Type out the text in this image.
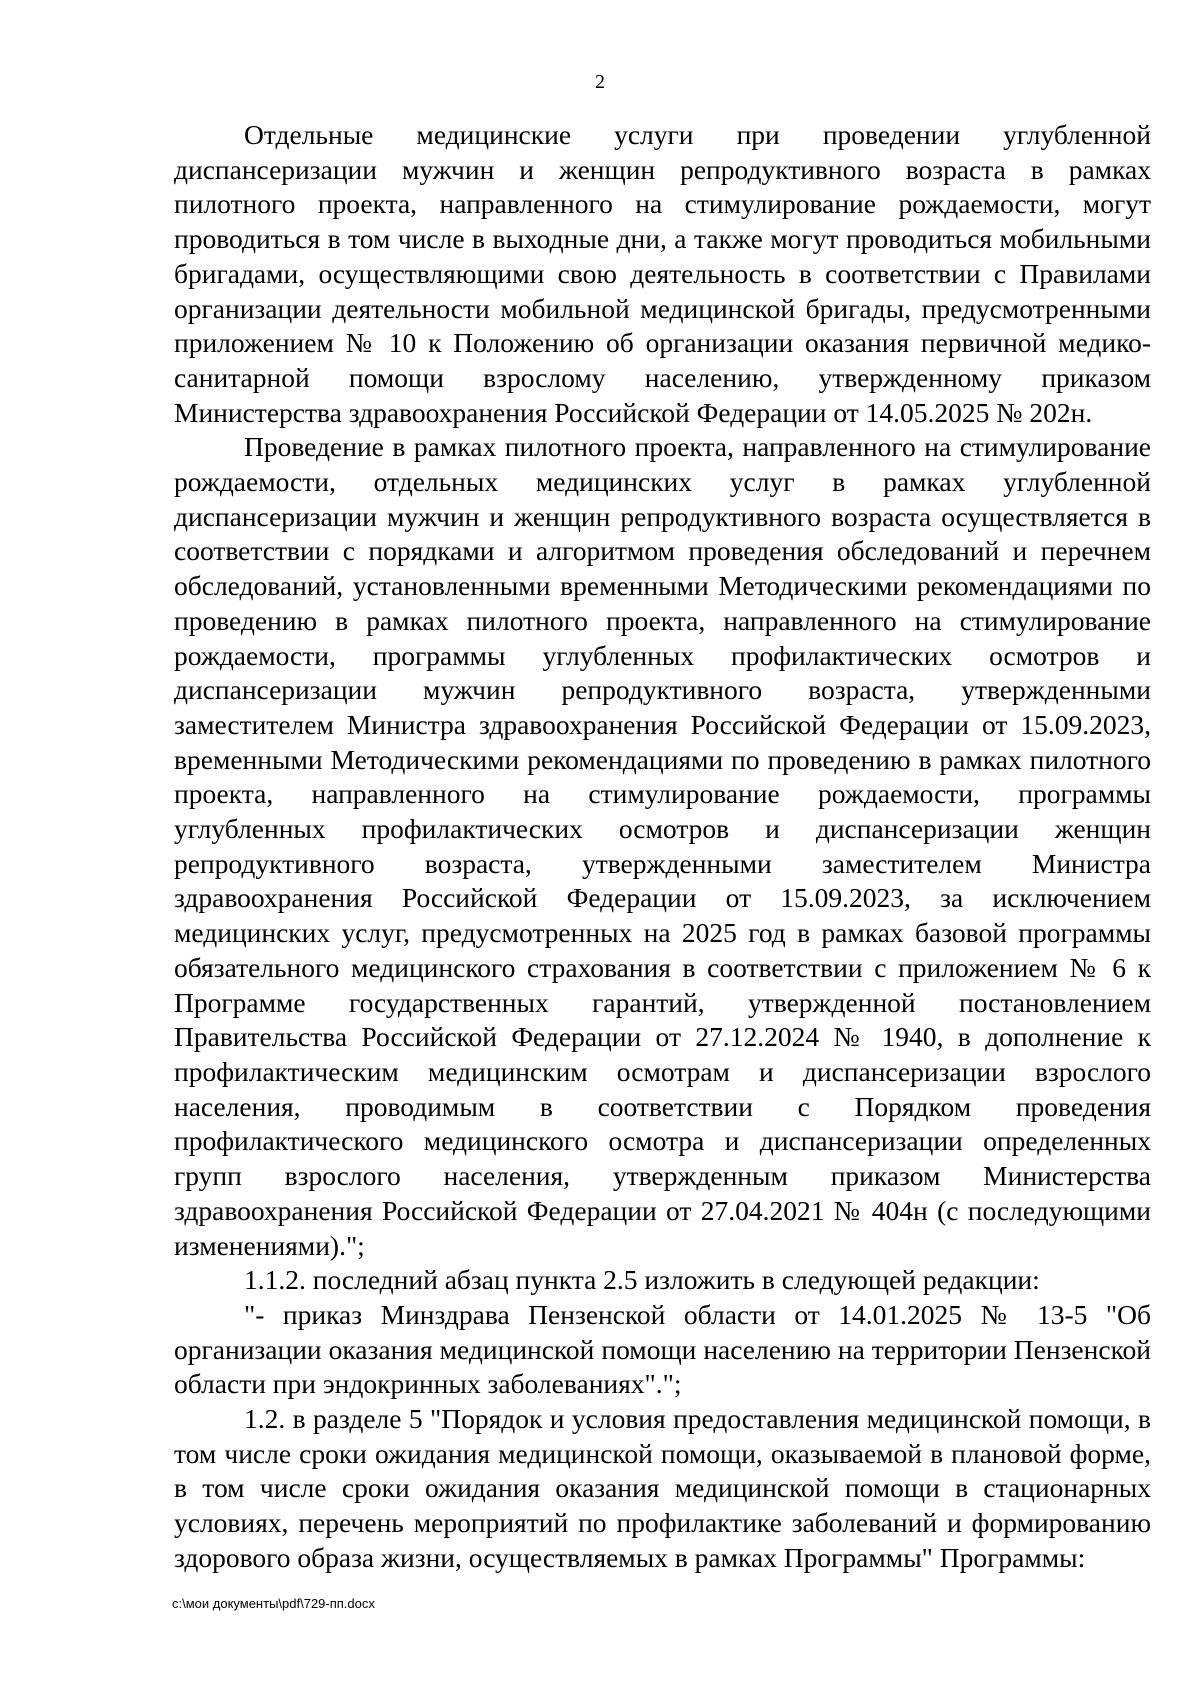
2

Отдельные медицинские услуги при проведении углубленной диспансеризации мужчин и женщин репродуктивного возраста в рамках пилотного проекта, направленного на стимулирование рождаемости, могут проводиться в том числе в выходные дни, а также могут проводиться мобильными бригадами, осуществляющими свою деятельность в соответствии с Правилами организации деятельности мобильной медицинской бригады, предусмотренными приложением № 10 к Положению об организации оказания первичной медико-санитарной помощи взрослому населению, утвержденному приказом Министерства здравоохранения Российской Федерации от 14.05.2025 № 202н.

Проведение в рамках пилотного проекта, направленного на стимулирование рождаемости, отдельных медицинских услуг в рамках углубленной диспансеризации мужчин и женщин репродуктивного возраста осуществляется в соответствии с порядками и алгоритмом проведения обследований и перечнем обследований, установленными временными Методическими рекомендациями по проведению в рамках пилотного проекта, направленного на стимулирование рождаемости, программы углубленных профилактических осмотров и диспансеризации мужчин репродуктивного возраста, утвержденными заместителем Министра здравоохранения Российской Федерации от 15.09.2023, временными Методическими рекомендациями по проведению в рамках пилотного проекта, направленного на стимулирование рождаемости, программы углубленных профилактических осмотров и диспансеризации женщин репродуктивного возраста, утвержденными заместителем Министра здравоохранения Российской Федерации от 15.09.2023, за исключением медицинских услуг, предусмотренных на 2025 год в рамках базовой программы обязательного медицинского страхования в соответствии с приложением № 6 к Программе государственных гарантий, утвержденной постановлением Правительства Российской Федерации от 27.12.2024 № 1940, в дополнение к профилактическим медицинским осмотрам и диспансеризации взрослого населения, проводимым в соответствии с Порядком проведения профилактического медицинского осмотра и диспансеризации определенных групп взрослого населения, утвержденным приказом Министерства здравоохранения Российской Федерации от 27.04.2021 № 404н (с последующими изменениями).";

1.1.2. последний абзац пункта 2.5 изложить в следующей редакции:

"- приказ Минздрава Пензенской области от 14.01.2025 № 13-5 "Об организации оказания медицинской помощи населению на территории Пензенской области при эндокринных заболеваниях".";

1.2. в разделе 5 "Порядок и условия предоставления медицинской помощи, в том числе сроки ожидания медицинской помощи, оказываемой в плановой форме, в том числе сроки ожидания оказания медицинской помощи в стационарных условиях, перечень мероприятий по профилактике заболеваний и формированию здорового образа жизни, осуществляемых в рамках Программы" Программы:

c:\мои документы\pdf\729-пп.docx
